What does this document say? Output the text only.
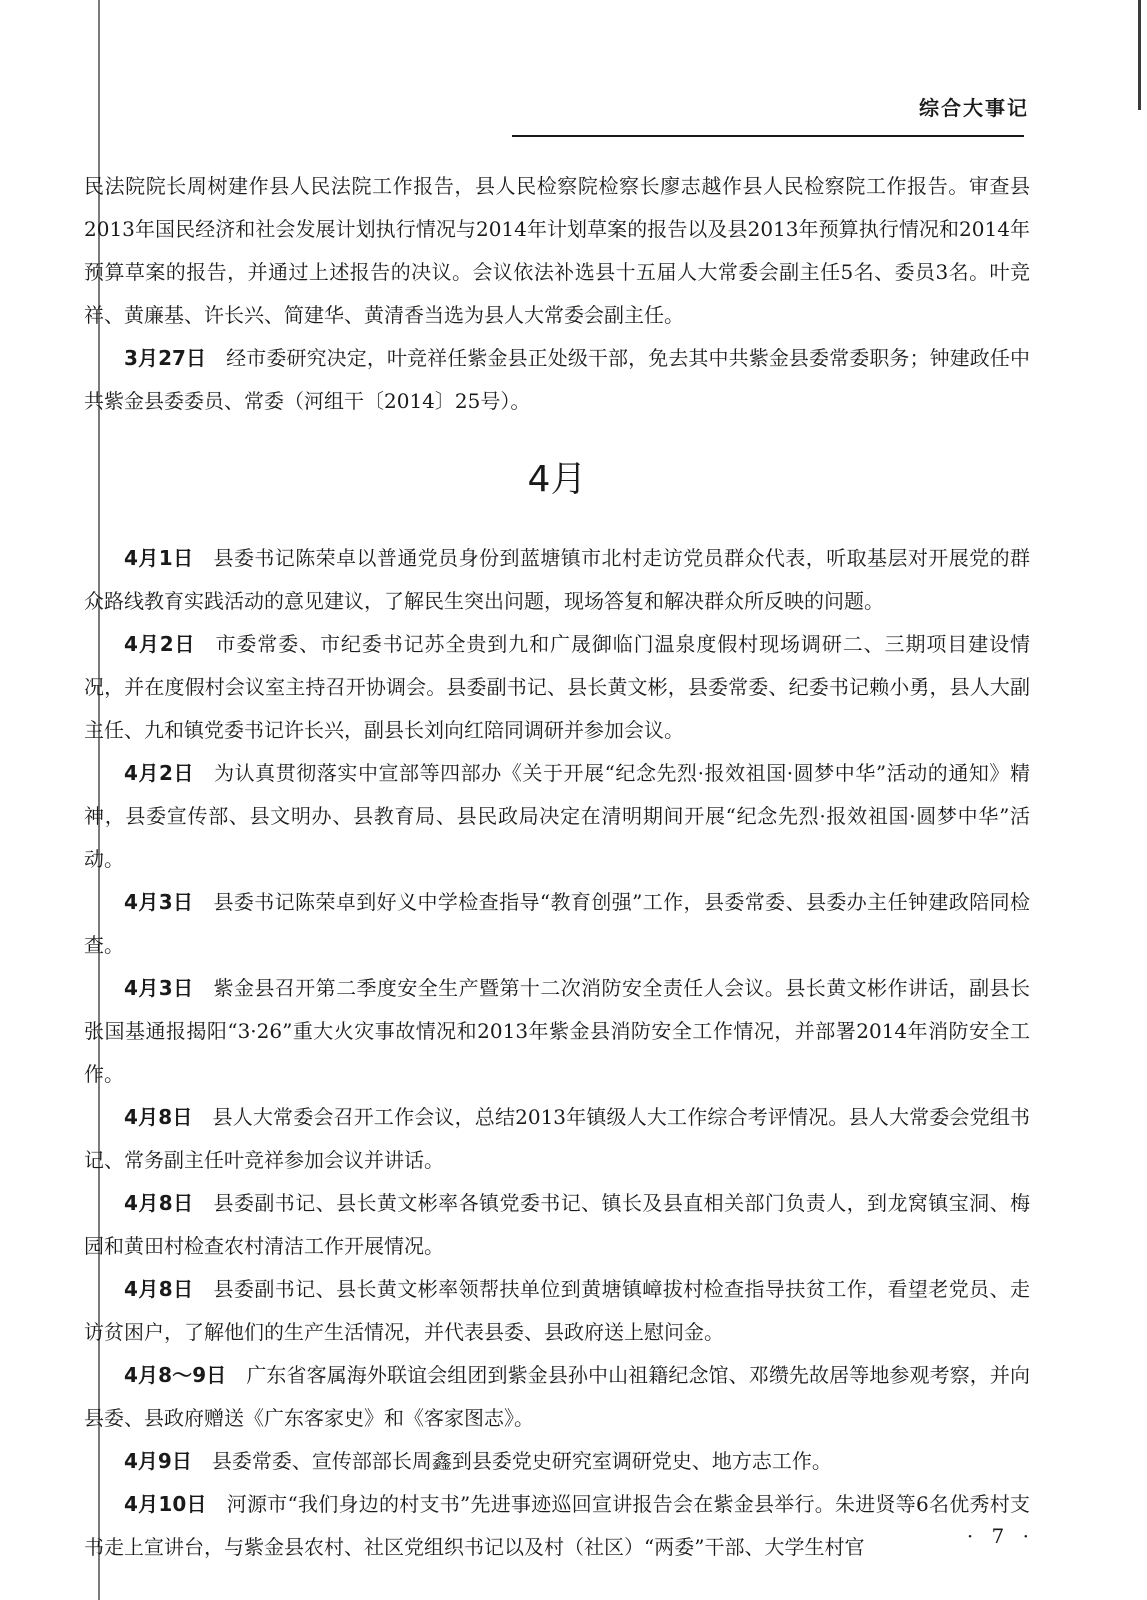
综合大事记

民法院院长周树建作县人民法院工作报告，县人民检察院检察长廖志越作县人民检察院工作报告。审查县2013年国民经济和社会发展计划执行情况与2014年计划草案的报告以及县2013年预算执行情况和2014年预算草案的报告，并通过上述报告的决议。会议依法补选县十五届人大常委会副主任5名、委员3名。叶竞祥、黄廉基、许长兴、简建华、黄清香当选为县人大常委会副主任。

3月27日 经市委研究决定，叶竞祥任紫金县正处级干部，免去其中共紫金县委常委职务；钟建政任中共紫金县委委员、常委（河组干〔2014〕25号）。

4月

4月1日 县委书记陈荣卓以普通党员身份到蓝塘镇市北村走访党员群众代表，听取基层对开展党的群众路线教育实践活动的意见建议，了解民生突出问题，现场答复和解决群众所反映的问题。

4月2日 市委常委、市纪委书记苏全贵到九和广晟御临门温泉度假村现场调研二、三期项目建设情况，并在度假村会议室主持召开协调会。县委副书记、县长黄文彬，县委常委、纪委书记赖小勇，县人大副主任、九和镇党委书记许长兴，副县长刘向红陪同调研并参加会议。

4月2日 为认真贯彻落实中宣部等四部办《关于开展“纪念先烈·报效祖国·圆梦中华”活动的通知》精神，县委宣传部、县文明办、县教育局、县民政局决定在清明期间开展“纪念先烈·报效祖国·圆梦中华”活动。

4月3日 县委书记陈荣卓到好义中学检查指导“教育创强”工作，县委常委、县委办主任钟建政陪同检查。

4月3日 紫金县召开第二季度安全生产暨第十二次消防安全责任人会议。县长黄文彬作讲话，副县长张国基通报揭阳“3·26”重大火灾事故情况和2013年紫金县消防安全工作情况，并部署2014年消防安全工作。

4月8日 县人大常委会召开工作会议，总结2013年镇级人大工作综合考评情况。县人大常委会党组书记、常务副主任叶竞祥参加会议并讲话。

4月8日 县委副书记、县长黄文彬率各镇党委书记、镇长及县直相关部门负责人，到龙窝镇宝洞、梅园和黄田村检查农村清洁工作开展情况。

4月8日 县委副书记、县长黄文彬率领帮扶单位到黄塘镇嶂拔村检查指导扶贫工作，看望老党员、走访贫困户，了解他们的生产生活情况，并代表县委、县政府送上慰问金。

4月8～9日 广东省客属海外联谊会组团到紫金县孙中山祖籍纪念馆、邓缵先故居等地参观考察，并向县委、县政府赠送《广东客家史》和《客家图志》。

4月9日 县委常委、宣传部部长周鑫到县委党史研究室调研党史、地方志工作。

4月10日 河源市“我们身边的村支书”先进事迹巡回宣讲报告会在紫金县举行。朱进贤等6名优秀村支书走上宣讲台，与紫金县农村、社区党组织书记以及村（社区）“两委”干部、大学生村官	· 7 ·
